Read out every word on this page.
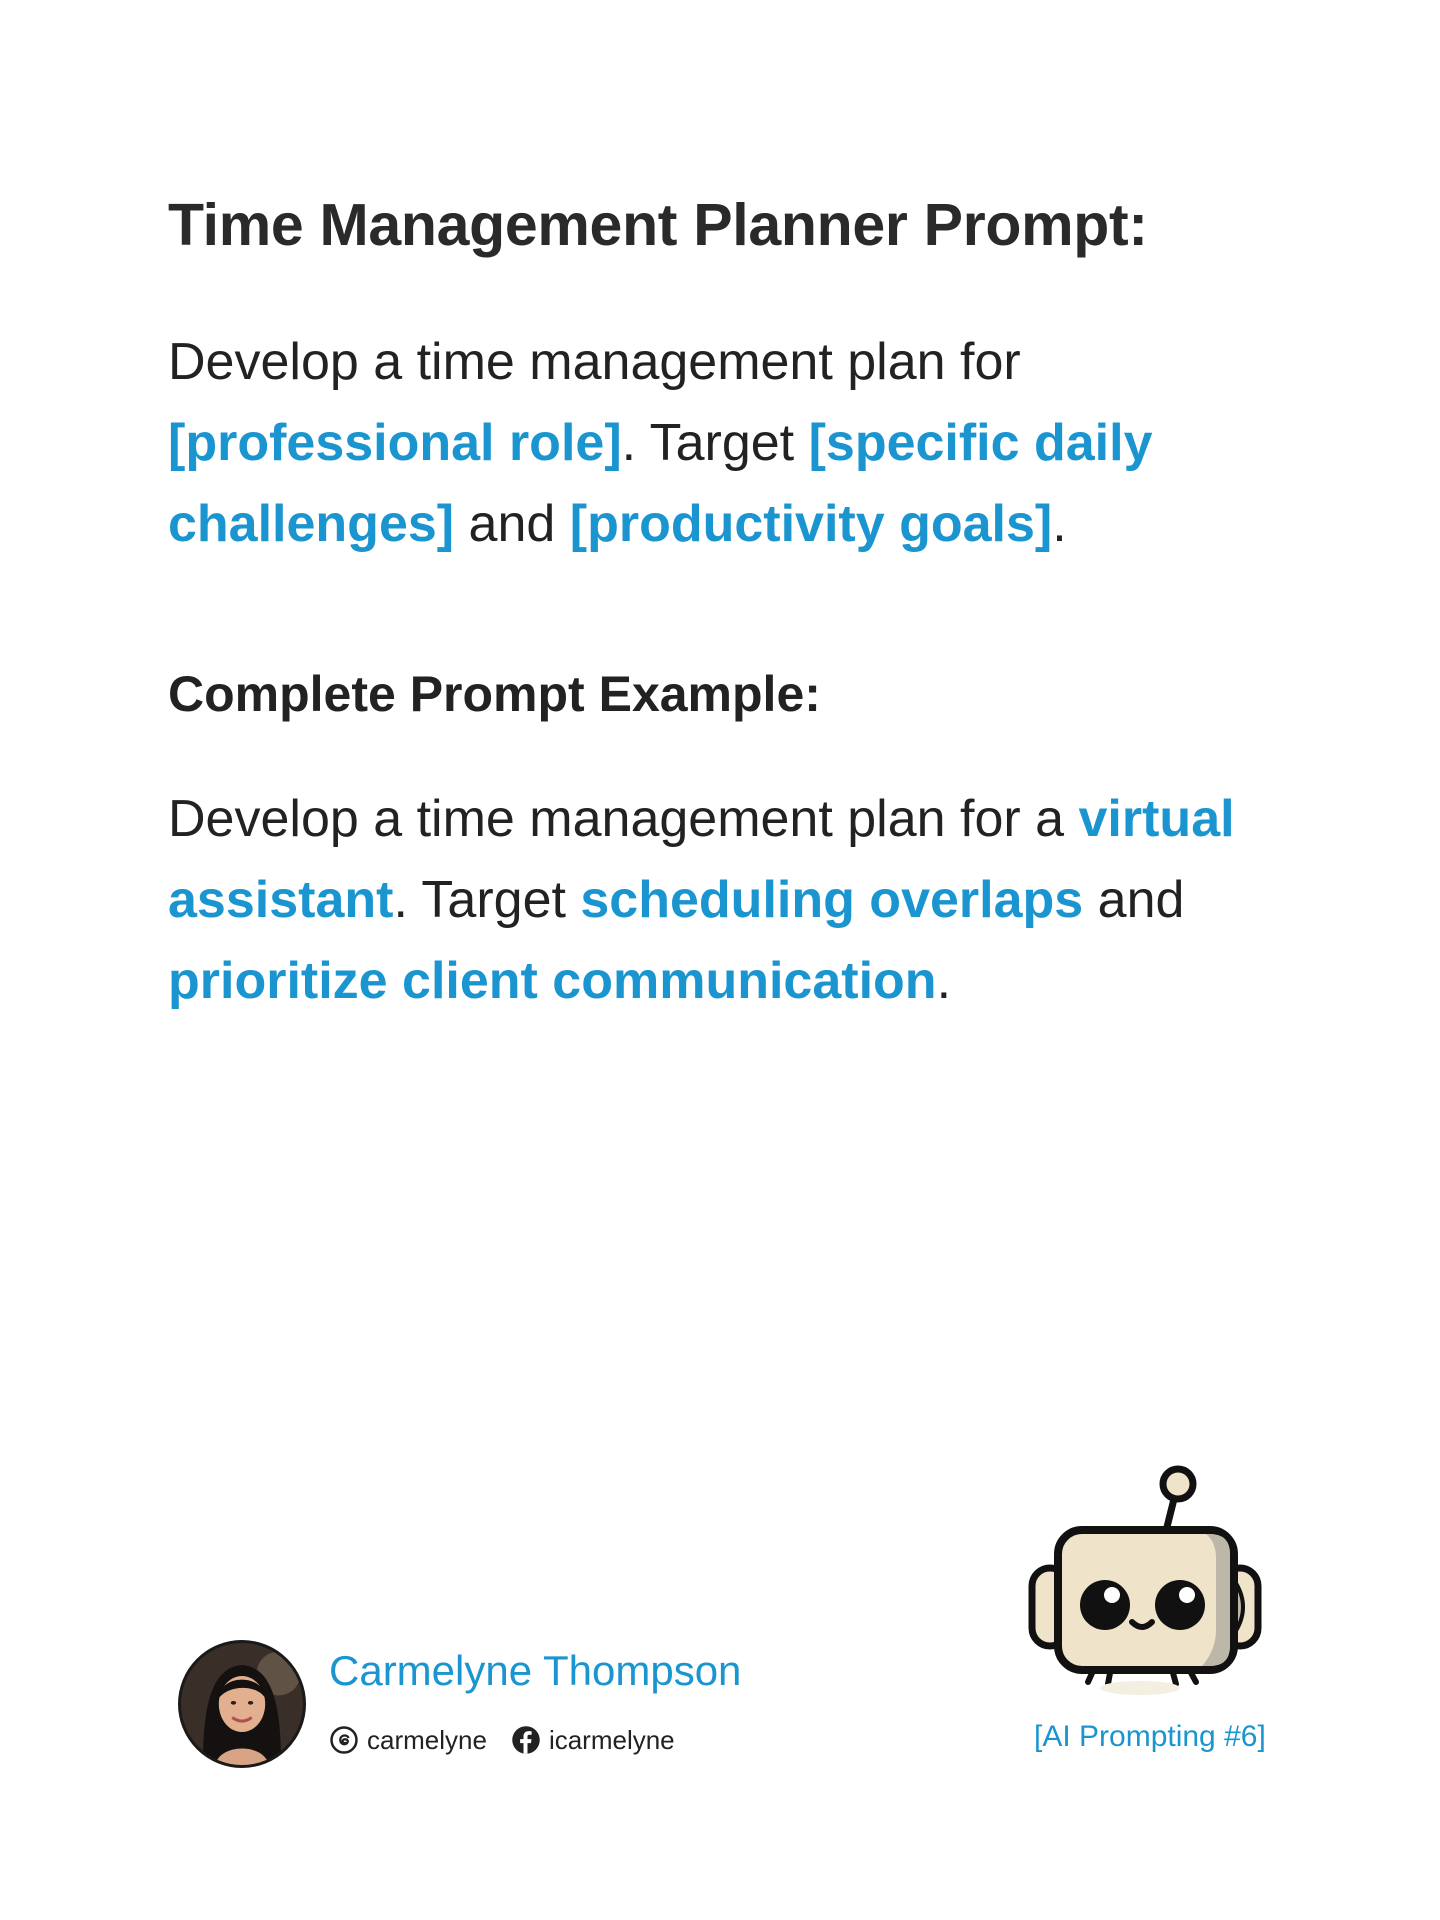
Time Management Planner Prompt:

Develop a time management plan for [professional role]. Target [specific daily challenges] and [productivity goals].

Complete Prompt Example:

Develop a time management plan for a virtual assistant. Target scheduling overlaps and prioritize client communication.

Carmelyne Thompson
carmelyne icarmelyne	[AI Prompting #6]
